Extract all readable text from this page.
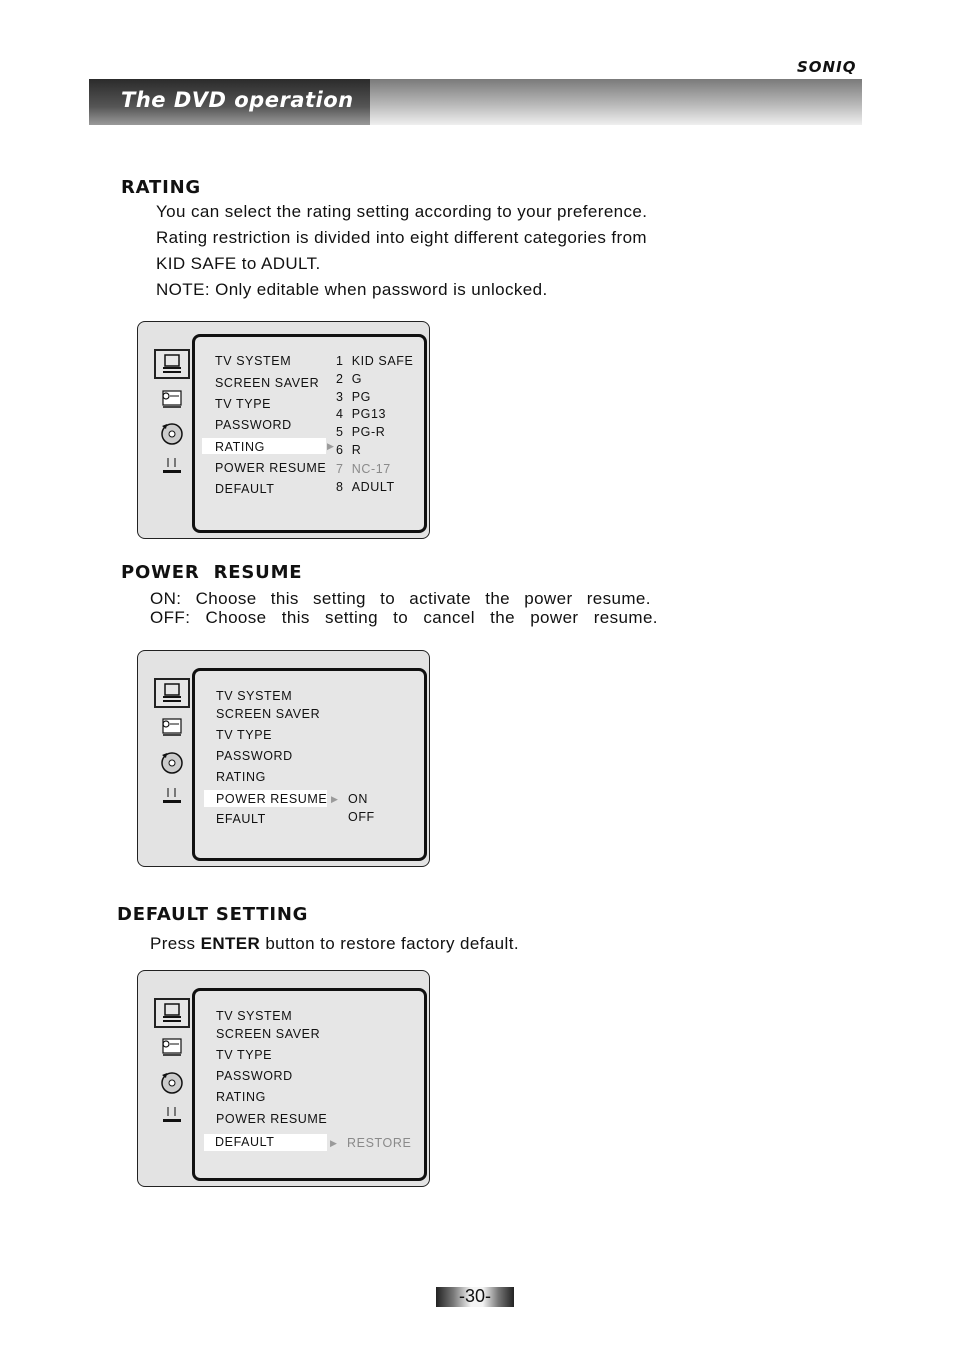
SONIQ
The DVD operation
RATING
You can select the rating setting according to your preference.
Rating restriction is divided into eight different categories from
KID SAFE to ADULT.
NOTE: Only editable when password is unlocked.
TV SYSTEM
SCREEN SAVER
TV TYPE
PASSWORD
RATING	▶
POWER RESUME
DEFAULT
1 KID SAFE
2 G
3 PG
4 PG13
5 PG-R
6 R
7 NC-17
8 ADULT
POWER  RESUME
ON: Choose this setting to activate the power resume.
OFF: Choose this setting to cancel the power resume.
TV SYSTEM
SCREEN SAVER
TV TYPE
PASSWORD
RATING
POWER RESUME ▶
EFAULT
ON
OFF
DEFAULT SETTING
Press ENTER button to restore factory default.
TV SYSTEM
SCREEN SAVER
TV TYPE
PASSWORD
RATING
POWER RESUME
DEFAULT	▶ RESTORE
-30-
